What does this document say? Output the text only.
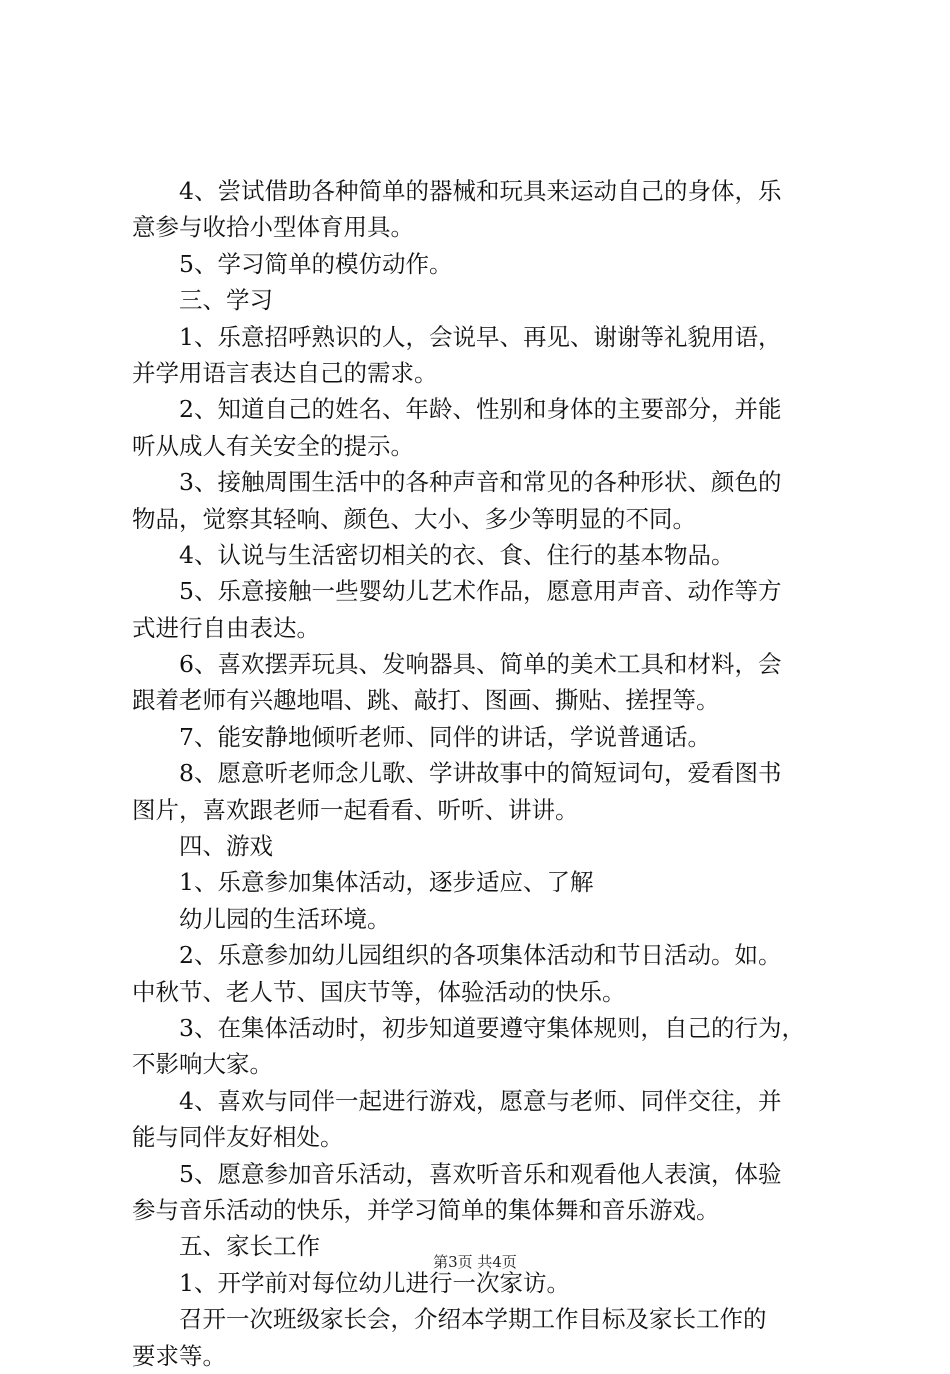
4、尝试借助各种简单的器械和玩具来运动自己的身体，乐
意参与收拾小型体育用具。
5、学习简单的模仿动作。
三、学习
1、乐意招呼熟识的人，会说早、再见、谢谢等礼貌用语，
并学用语言表达自己的需求。
2、知道自己的姓名、年龄、性别和身体的主要部分，并能
听从成人有关安全的提示。
3、接触周围生活中的各种声音和常见的各种形状、颜色的
物品，觉察其轻响、颜色、大小、多少等明显的不同。
4、认说与生活密切相关的衣、食、住行的基本物品。
5、乐意接触一些婴幼儿艺术作品，愿意用声音、动作等方
式进行自由表达。
6、喜欢摆弄玩具、发响器具、简单的美术工具和材料，会
跟着老师有兴趣地唱、跳、敲打、图画、撕贴、搓捏等。
7、能安静地倾听老师、同伴的讲话，学说普通话。
8、愿意听老师念儿歌、学讲故事中的简短词句，爱看图书
图片，喜欢跟老师一起看看、听听、讲讲。
四、游戏
1、乐意参加集体活动，逐步适应、了解
幼儿园的生活环境。
2、乐意参加幼儿园组织的各项集体活动和节日活动。如。
中秋节、老人节、国庆节等，体验活动的快乐。
3、在集体活动时，初步知道要遵守集体规则，自己的行为，
不影响大家。
4、喜欢与同伴一起进行游戏，愿意与老师、同伴交往，并
能与同伴友好相处。
5、愿意参加音乐活动，喜欢听音乐和观看他人表演，体验
参与音乐活动的快乐，并学习简单的集体舞和音乐游戏。
五、家长工作
1、开学前对每位幼儿进行一次家访。
召开一次班级家长会，介绍本学期工作目标及家长工作的
要求等。
第3页 共4页
